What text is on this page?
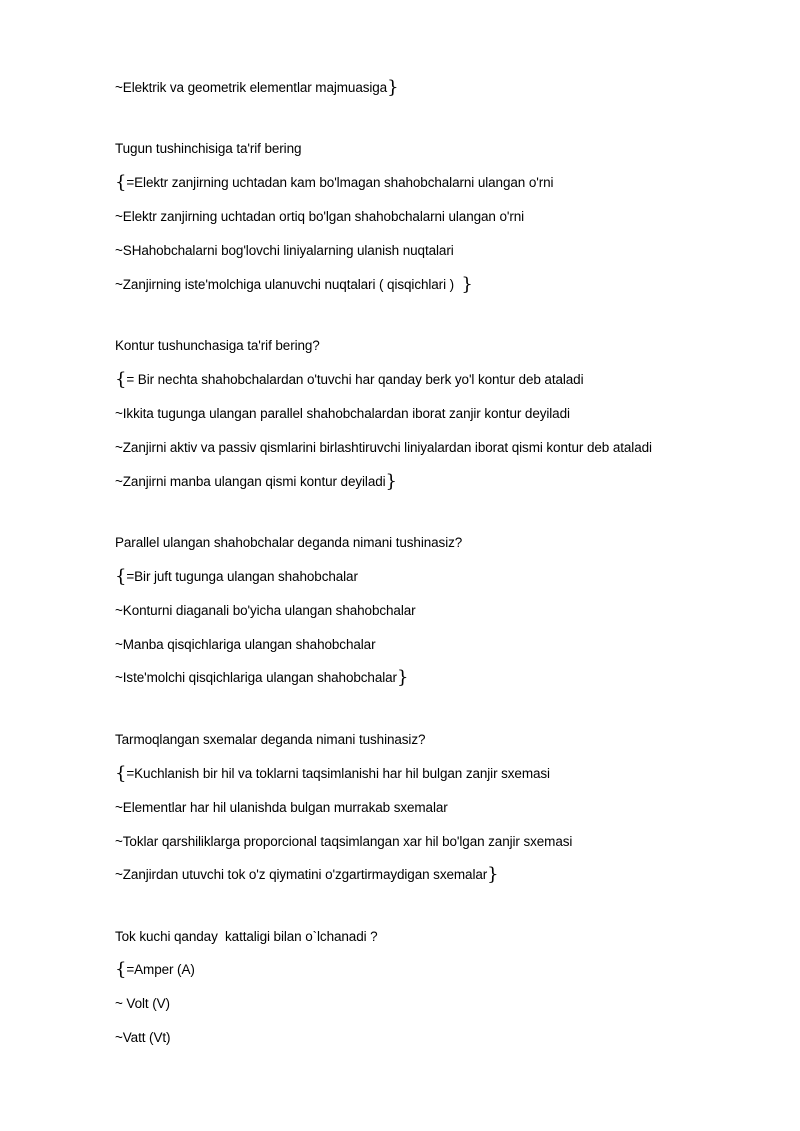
~Elektrik va geometrik elementlar majmuasiga}
Tugun tushinchisiga ta'rif bering
{=Elektr zanjirning uchtadan kam bo'lmagan shahobchalarni ulangan o'rni
~Elektr zanjirning uchtadan ortiq bo'lgan shahobchalarni ulangan o'rni
~SHahobchalarni bog'lovchi liniyalarning ulanish nuqtalari
~Zanjirning iste'molchiga ulanuvchi nuqtalari ( qisqichlari )  }
Kontur tushunchasiga ta'rif bering?
{= Bir nechta shahobchalardan o'tuvchi har qanday berk yo'l kontur deb ataladi
~Ikkita tugunga ulangan parallel shahobchalardan iborat zanjir kontur deyiladi
~Zanjirni aktiv va passiv qismlarini birlashtiruvchi liniyalardan iborat qismi kontur deb ataladi
~Zanjirni manba ulangan qismi kontur deyiladi}
Parallel ulangan shahobchalar deganda nimani tushinasiz?
{=Bir juft tugunga ulangan shahobchalar
~Konturni diaganali bo'yicha ulangan shahobchalar
~Manba qisqichlariga ulangan shahobchalar
~Iste'molchi qisqichlariga ulangan shahobchalar}
Tarmoqlangan sxemalar deganda nimani tushinasiz?
{=Kuchlanish bir hil va toklarni taqsimlanishi har hil bulgan zanjir sxemasi
~Elementlar har hil ulanishda bulgan murrakab sxemalar
~Toklar qarshiliklarga proporcional taqsimlangan xar hil bo'lgan zanjir sxemasi
~Zanjirdan utuvchi tok o'z qiymatini o'zgartirmaydigan sxemalar}
Tok kuchi qanday  kattaligi bilan o`lchanadi ?
{=Amper (A)
~ Volt (V)
~Vatt (Vt)
